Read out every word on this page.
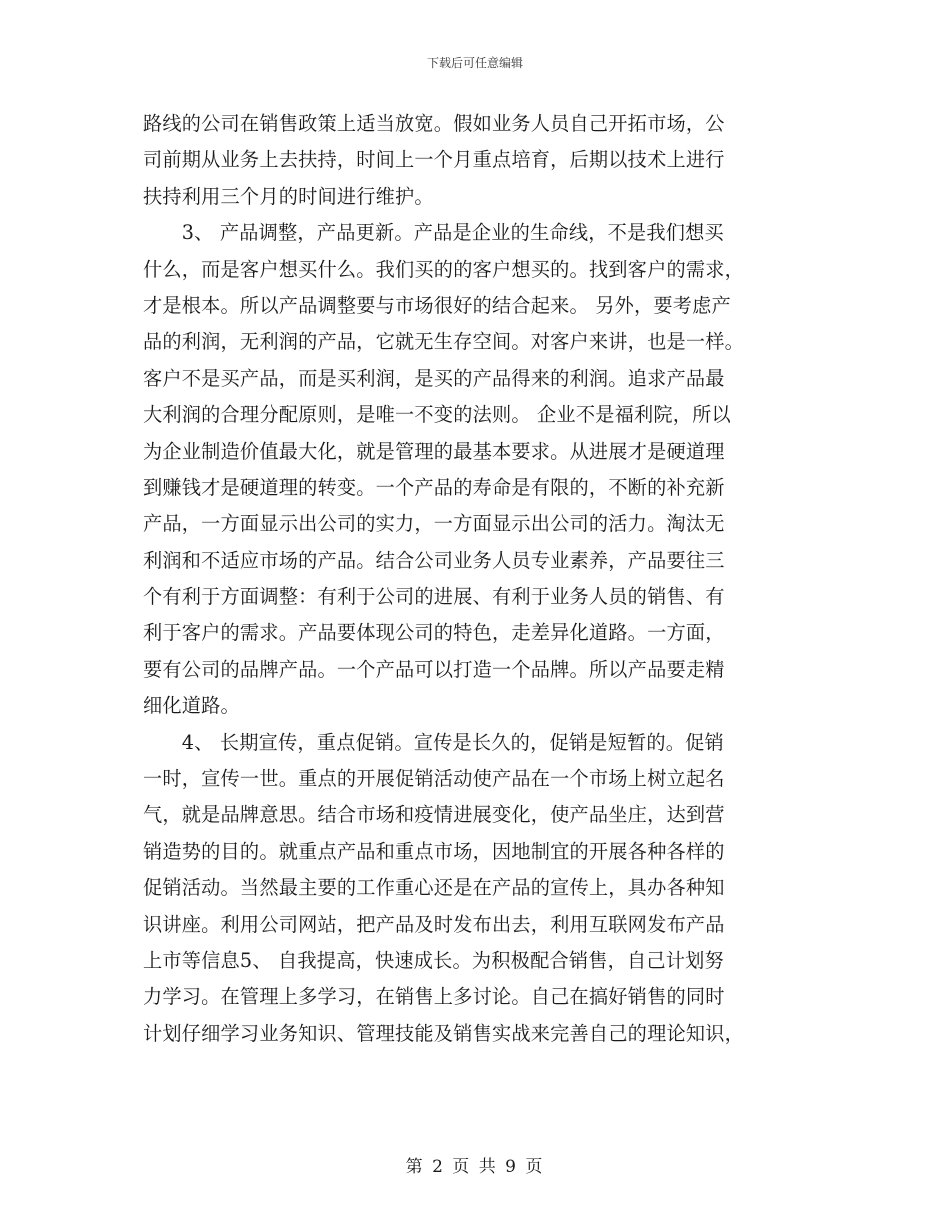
下载后可任意编辑
路线的公司在销售政策上适当放宽。假如业务人员自己开拓市场，公
司前期从业务上去扶持，时间上一个月重点培育，后期以技术上进行
扶持利用三个月的时间进行维护。
　　3、 产品调整，产品更新。产品是企业的生命线，不是我们想买
什么，而是客户想买什么。我们买的的客户想买的。找到客户的需求，
才是根本。所以产品调整要与市场很好的结合起来。 另外，要考虑产
品的利润，无利润的产品，它就无生存空间。对客户来讲，也是一样。
客户不是买产品，而是买利润，是买的产品得来的利润。追求产品最
大利润的合理分配原则，是唯一不变的法则。 企业不是福利院，所以
为企业制造价值最大化，就是管理的最基本要求。从进展才是硬道理
到赚钱才是硬道理的转变。一个产品的寿命是有限的，不断的补充新
产品，一方面显示出公司的实力，一方面显示出公司的活力。淘汰无
利润和不适应市场的产品。结合公司业务人员专业素养，产品要往三
个有利于方面调整：有利于公司的进展、有利于业务人员的销售、有
利于客户的需求。产品要体现公司的特色，走差异化道路。一方面，
要有公司的品牌产品。一个产品可以打造一个品牌。所以产品要走精
细化道路。
　　4、 长期宣传，重点促销。宣传是长久的，促销是短暂的。促销
一时，宣传一世。重点的开展促销活动使产品在一个市场上树立起名
气，就是品牌意思。结合市场和疫情进展变化，使产品坐庄，达到营
销造势的目的。就重点产品和重点市场，因地制宜的开展各种各样的
促销活动。当然最主要的工作重心还是在产品的宣传上，具办各种知
识讲座。利用公司网站，把产品及时发布出去，利用互联网发布产品
上市等信息5、 自我提高，快速成长。为积极配合销售，自己计划努
力学习。在管理上多学习，在销售上多讨论。自己在搞好销售的同时
计划仔细学习业务知识、管理技能及销售实战来完善自己的理论知识，
第 2 页 共 9 页
